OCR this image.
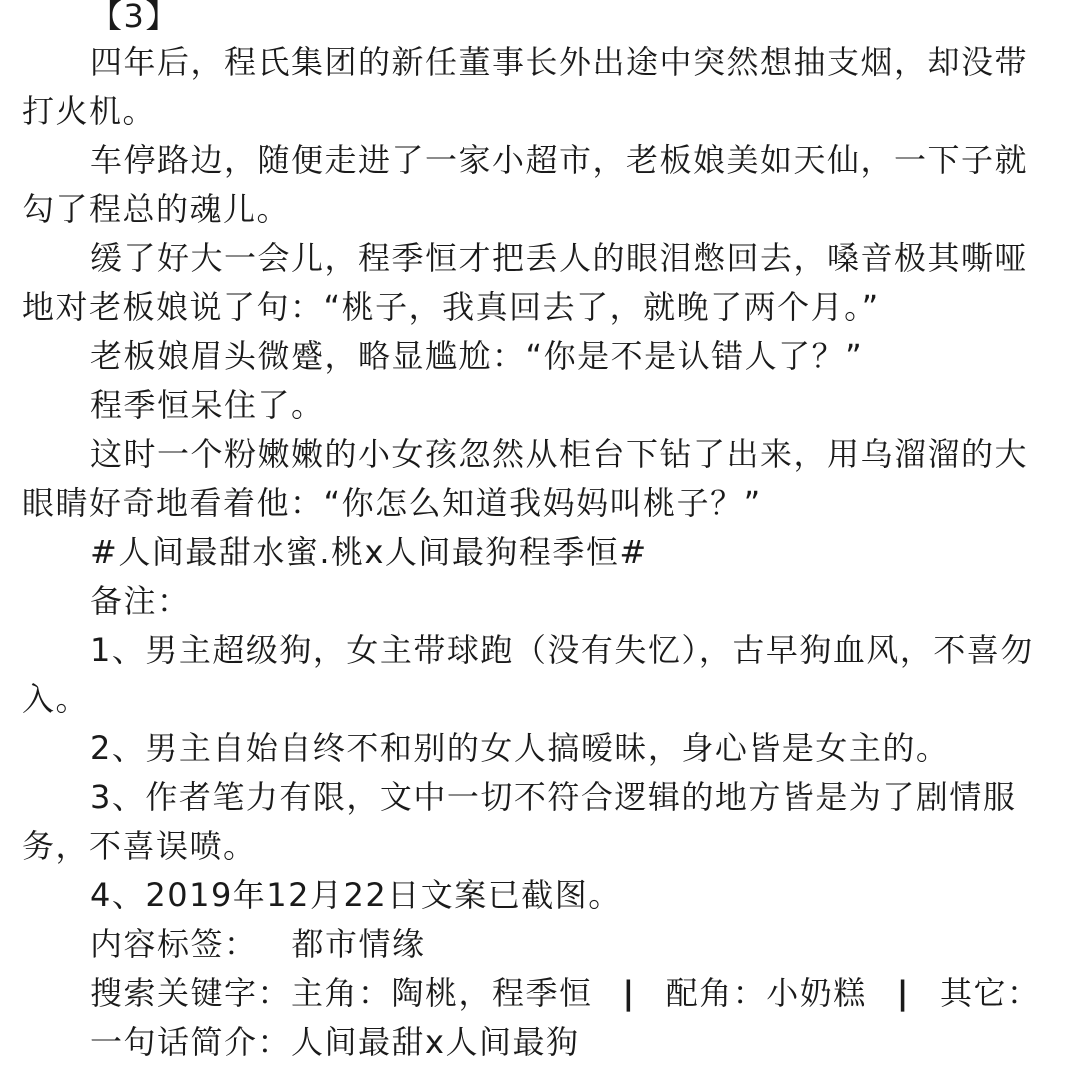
【3】
四年后，程氏集团的新任董事长外出途中突然想抽支烟，却没带
打火机。
车停路边，随便走进了一家小超市，老板娘美如天仙，一下子就
勾了程总的魂儿。
缓了好大一会儿，程季恒才把丢人的眼泪憋回去，嗓音极其嘶哑
地对老板娘说了句：“桃子，我真回去了，就晚了两个月。”
老板娘眉头微蹙，略显尴尬：“你是不是认错人了？”
程季恒呆住了。
这时一个粉嫩嫩的小女孩忽然从柜台下钻了出来，用乌溜溜的大
眼睛好奇地看着他：“你怎么知道我妈妈叫桃子？”
#人间最甜水蜜.桃x人间最狗程季恒#
备注：
1、男主超级狗，女主带球跑（没有失忆），古早狗血风，不喜勿
入。
2、男主自始自终不和别的女人搞暧昧，身心皆是女主的。
3、作者笔力有限，文中一切不符合逻辑的地方皆是为了剧情服
务，不喜误喷。
4、2019年12月22日文案已截图。
内容标签： 都市情缘
搜索关键字：主角：陶桃，程季恒 | 配角：小奶糕 | 其它：
一句话简介：人间最甜x人间最狗
